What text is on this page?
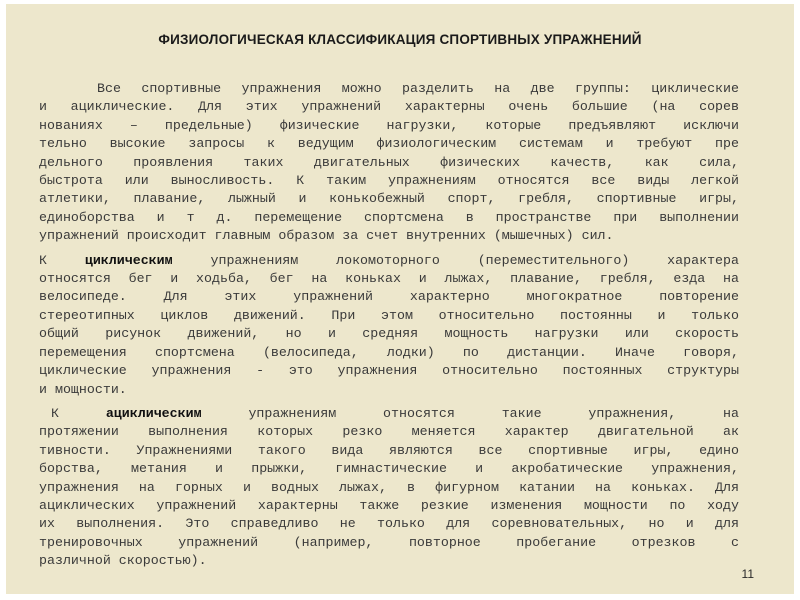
ФИЗИОЛОГИЧЕСКАЯ КЛАССИФИКАЦИЯ СПОРТИВНЫХ УПРАЖНЕНИЙ
Все спортивные упражнения можно разделить на две группы: циклические
и ациклические. Для этих упражнений характерны очень большие (на сорев
нованиях – предельные) физические нагрузки, которые предъявляют исключи
тельно высокие запросы к ведущим физиологическим системам и требуют пре
дельного проявления таких двигательных физических качеств, как сила,
быстрота или выносливость. К таким упражнениям относятся все виды легкой
атлетики, плавание, лыжный и конькобежный спорт, гребля, спортивные игры,
единоборства и т д. перемещение спортсмена в пространстве при выполнении
упражнений происходит главным образом за счет внутренних (мышечных) сил.
К	циклическим	упражнениям локомоторного (переместительного) характера
относятся бег и ходьба, бег на коньках и лыжах, плавание, гребля, езда на
велосипеде. Для этих упражнений характерно многократное повторение
стереотипных циклов движений. При этом относительно постоянны и только
общий рисунок движений, но и средняя мощность нагрузки или скорость
перемещения спортсмена (велосипеда, лодки) по дистанции. Иначе говоря,
циклические упражнения - это упражнения относительно постоянных структуры
и мощности.
К	ациклическим	упражнениям относятся такие упражнения, на
протяжении выполнения которых резко меняется характер двигательной ак
тивности. Упражнениями такого вида являются все спортивные игры, едино
борства, метания и прыжки, гимнастические и акробатические упражнения,
упражнения на горных и водных лыжах, в фигурном катании на коньках. Для
ациклических упражнений характерны также резкие изменения мощности по ходу
их выполнения. Это справедливо не только для соревновательных, но и для
тренировочных упражнений (например, повторное пробегание отрезков с
различной скоростью).
11
